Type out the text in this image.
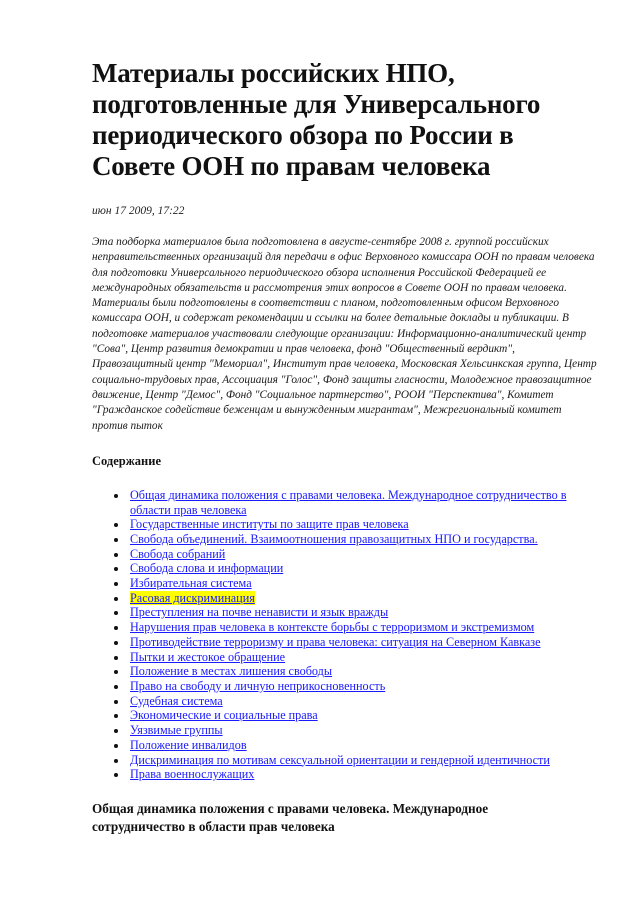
Материалы российских НПО, подготовленные для Универсального периодического обзора по России в Совете ООН по правам человека
июн 17 2009, 17:22
Эта подборка материалов была подготовлена в августе-сентябре 2008 г. группой российских неправительственных организаций для передачи в офис Верховного комиссара ООН по правам человека для подготовки Универсального периодического обзора исполнения Российской Федерацией ее международных обязательств и рассмотрения этих вопросов в Совете ООН по правам человека. Материалы были подготовлены в соответствии с планом, подготовленным офисом Верховного комиссара ООН, и содержат рекомендации и ссылки на более детальные доклады и публикации. В подготовке материалов участвовали следующие организации: Информационно-аналитический центр "Сова", Центр развития демократии и прав человека, фонд "Общественный вердикт", Правозащитный центр "Мемориал", Институт прав человека, Московская Хельсинкская группа, Центр социально-трудовых прав, Ассоциация "Голос", Фонд защиты гласности, Молодежное правозащитное движение, Центр "Демос", Фонд "Социальное партнерство", РООИ "Перспектива", Комитет "Гражданское содействие беженцам и вынужденным мигрантам", Межрегиональный комитет против пыток
Содержание
Общая динамика положения с правами человека. Международное сотрудничество в области прав человека
Государственные институты по защите прав человека
Свобода объединений. Взаимоотношения правозащитных НПО и государства.
Свобода собраний
Свобода слова и информации
Избирательная система
Расовая дискриминация
Преступления на почве ненависти и язык вражды
Нарушения прав человека в контексте борьбы с терроризмом и экстремизмом
Противодействие терроризму и права человека: ситуация на Северном Кавказе
Пытки и жестокое обращение
Положение в местах лишения свободы
Право на свободу и личную неприкосновенность
Судебная система
Экономические и социальные права
Уязвимые группы
Положение инвалидов
Дискриминация по мотивам сексуальной ориентации и гендерной идентичности
Права военнослужащих
Общая динамика положения с правами человека. Международное сотрудничество в области прав человека
